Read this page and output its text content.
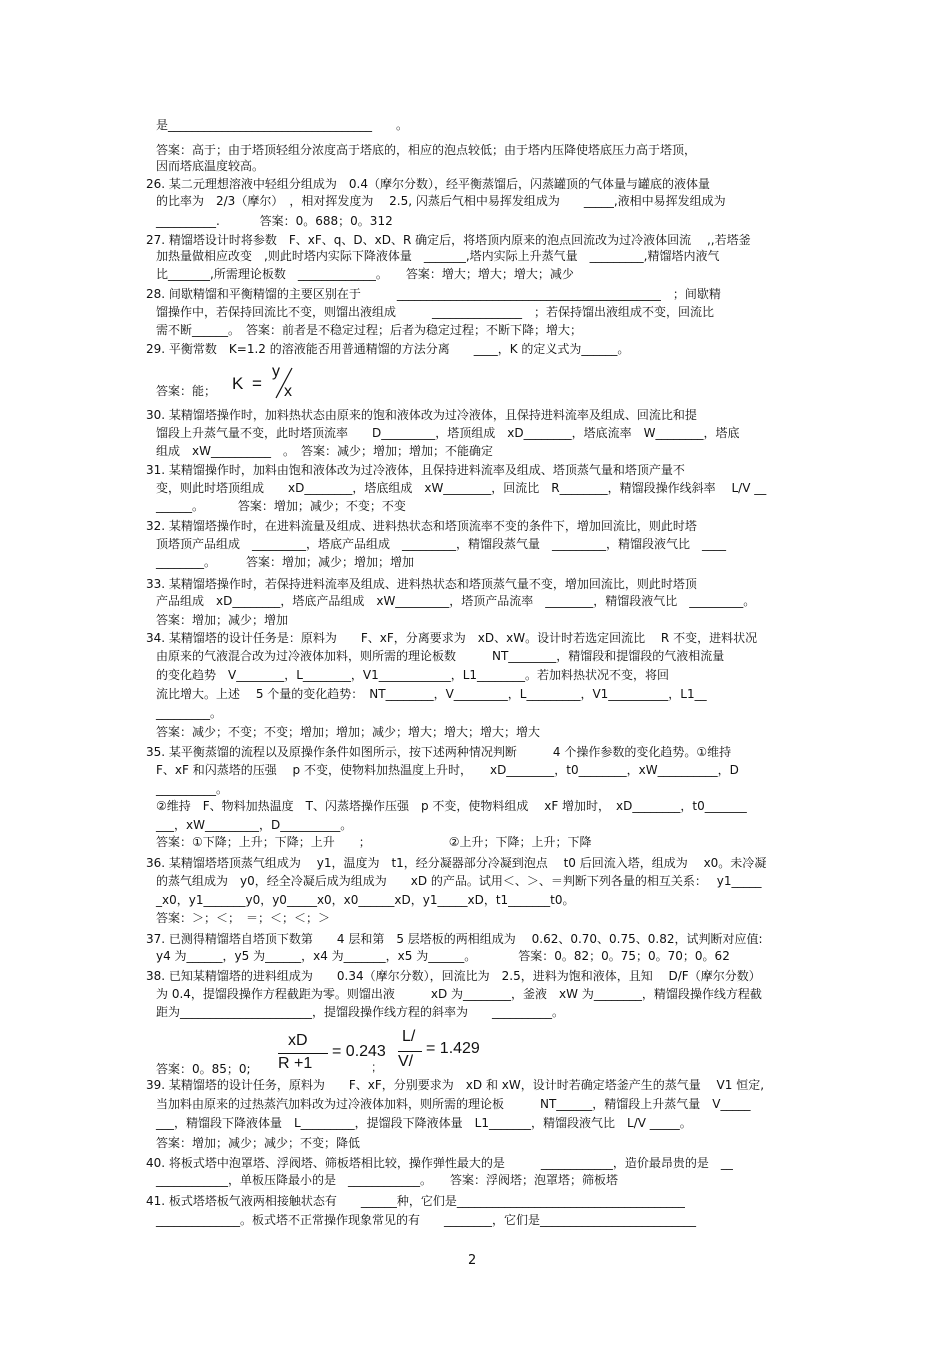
是__________________________________　　。
答案：高于；由于塔顶轻组分浓度高于塔底的，相应的泡点较低；由于塔内压降使塔底压力高于塔顶，
因而塔底温度较高。
26. 某二元理想溶液中轻组分组成为　0.4（摩尔分数），经平衡蒸馏后，闪蒸罐顶的气体量与罐底的液体量
的比率为　2/3（摩尔）　，相对挥发度为　 2.5, 闪蒸后气相中易挥发组成为　　_____,液相中易挥发组成为
__________.　　　 答案：0。688；0。312
27. 精馏塔设计时将参数　F、xF、q、D、xD、R 确定后，将塔顶内原来的泡点回流改为过冷液体回流　 ,,若塔釜
加热量做相应改变　,则此时塔内实际下降液体量　_______,塔内实际上升蒸气量　_________,精馏塔内液气
比_______,所需理论板数　_____________。　　答案：增大；增大；增大；减少
28. 间歇精馏和平衡精馏的主要区别在于　　　____________________________________________　；间歇精
馏操作中，若保持回流比不变，则馏出液组成　　　_______________　；若保持馏出液组成不变，回流比
需不断______。　答案：前者是不稳定过程；后者为稳定过程；不断下降；增大；
29. 平衡常数　K=1.2 的溶液能否用普通精馏的方法分离　　____，K 的定义式为______。
答案：能；
30. 某精馏塔操作时，加料热状态由原来的饱和液体改为过冷液体，且保持进料流率及组成、回流比和提
馏段上升蒸气量不变，此时塔顶流率　　D_________，塔顶组成　xD________，塔底流率　W________，塔底
组成　xW__________　。　答案：减少；增加；增加；不能确定
31. 某精馏操作时，加料由饱和液体改为过冷液体，且保持进料流率及组成、塔顶蒸气量和塔顶产量不
变，则此时塔顶组成　　xD________，塔底组成　xW________，回流比　R________，精馏段操作线斜率　 L/V __
______。　　　 答案：增加；减少；不变；不变
32. 某精馏塔操作时，在进料流量及组成、进料热状态和塔顶流率不变的条件下，增加回流比，则此时塔
顶塔顶产品组成　_________，塔底产品组成　_________，精馏段蒸气量　_________，精馏段液气比　____
________。　　　答案：增加；减少；增加；增加
33. 某精馏塔操作时，若保持进料流率及组成、进料热状态和塔顶蒸气量不变，增加回流比，则此时塔顶
产品组成　xD________，塔底产品组成　xW_________，塔顶产品流率　________，精馏段液气比　_________。
答案：增加；减少；增加
34. 某精馏塔的设计任务是：原料为　　F、xF，分离要求为　xD、xW。设计时若选定回流比　 R 不变，进料状况
由原来的气液混合改为过冷液体加料，则所需的理论板数　　　NT________，精馏段和提馏段的气液相流量
的变化趋势　V________，L________，V1____________，L1________。若加料热状况不变，将回
流比增大。上述　 5 个量的变化趋势：　NT________，V_________，L_________，V1__________，L1__
_________。
答案：减少；不变；不变；增加；增加；减少；增大；增大；增大；增大
35. 某平衡蒸馏的流程以及原操作条件如图所示，按下述两种情况判断　　　4 个操作参数的变化趋势。①维持
F、xF 和闪蒸塔的压强　 p 不变，使物料加热温度上升时，　　xD________，t0________，xW__________，D
__________。
②维持　F、物料加热温度　T、闪蒸塔操作压强　p 不变，使物料组成　 xF 增加时，　xD________，t0_______
___，xW_________，D__________。
答案：①下降；上升；下降；上升　　；　　　　　　　②上升；下降；上升；下降
36. 某精馏塔塔顶蒸气组成为　 y1，温度为　t1，经分凝器部分冷凝到泡点　 t0 后回流入塔，组成为　 x0。未冷凝
的蒸气组成为　y0，经全冷凝后成为组成为　　xD 的产品。试用＜、＞、＝判断下列各量的相互关系：　 y1_____
_x0，y1_______y0，y0_____x0，x0______xD，y1_____xD，t1_______t0。
答案：＞；＜；　＝；＜；＜；＞
37. 已测得精馏塔自塔顶下数第　　4 层和第　5 层塔板的两相组成为　 0.62、0.70、0.75、0.82，试判断对应值:
y4 为______，y5 为______，x4 为_______，x5 为______。　　　　答案：0。82；0。75；0。70；0。62
38. 已知某精馏塔的进料组成为　　0.34（摩尔分数），回流比为　2.5，进料为饱和液体，且知　 D/F（摩尔分数）
为 0.4，提馏段操作方程截距为零。则馏出液　　　xD 为________，釜液　xW 为________，精馏段操作线方程截
距为______________________，提馏段操作线方程的斜率为　　__________。
答案：0。85；0;
39. 某精馏塔的设计任务，原料为　　F、xF，分别要求为　xD 和 xW，设计时若确定塔釜产生的蒸气量　 V1 恒定,
当加料由原来的过热蒸汽加料改为过冷液体加料，则所需的理论板　　　NT______，精馏段上升蒸气量　V_____
___，精馏段下降液体量　L_________，提馏段下降液体量　L1_______，精馏段液气比　L/V _____。
答案：增加；减少；减少；不变；降低
40. 将板式塔中泡罩塔、浮阀塔、筛板塔相比较，操作弹性最大的是　　　____________，造价最昂贵的是　__
____________，单板压降最小的是　____________。　　答案：浮阀塔；泡罩塔；筛板塔
41. 板式塔塔板气液两相接触状态有　　______种，它们是______________________________________
______________。板式塔不正常操作现象常见的有　　________，它们是__________________________
K =
y
x
xD
R +1
= 0.243
;
L/
V/
= 1.429
2
